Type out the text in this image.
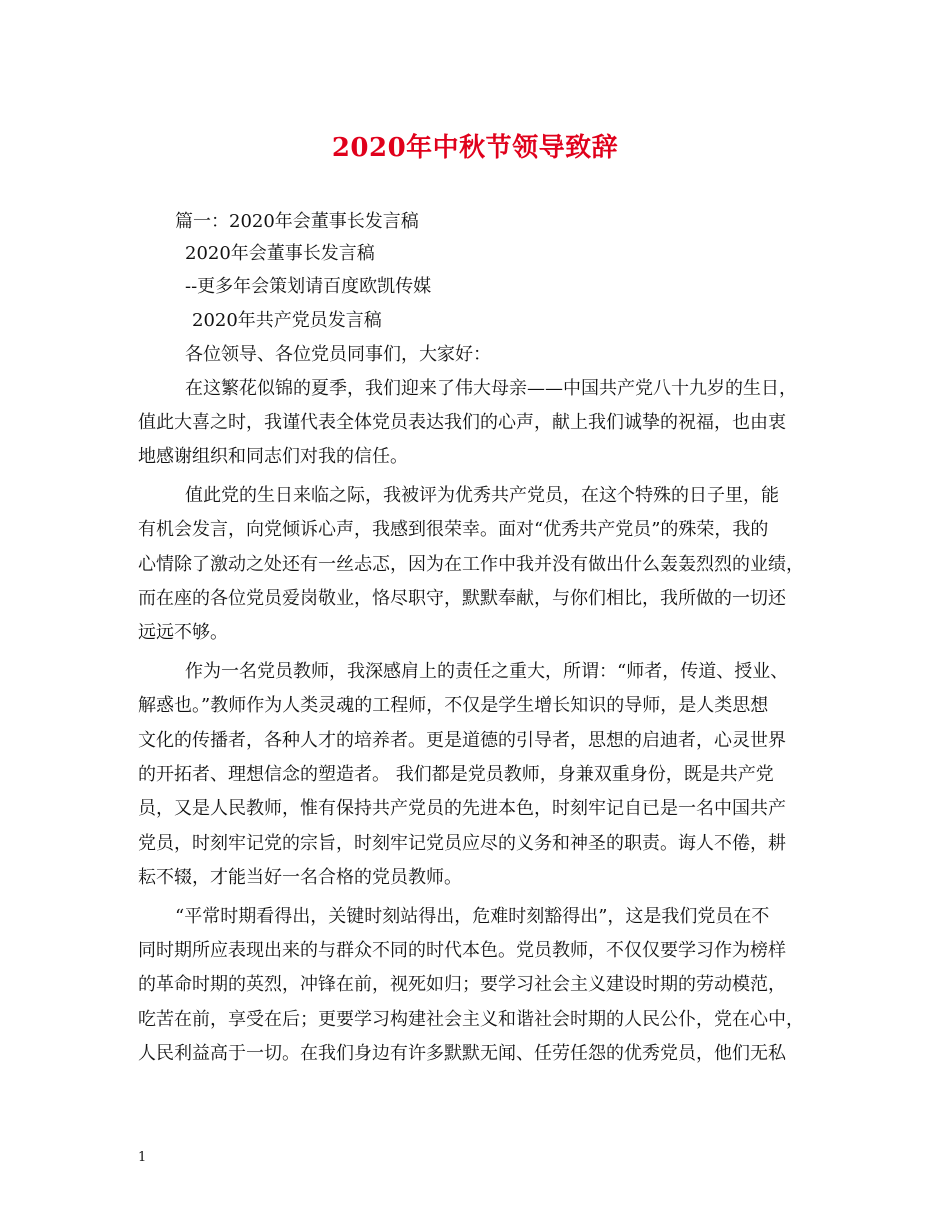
2020年中秋节领导致辞
篇一：2020年会董事长发言稿
2020年会董事长发言稿
--更多年会策划请百度欧凯传媒
2020年共产党员发言稿
各位领导、各位党员同事们，大家好：
在这繁花似锦的夏季，我们迎来了伟大母亲——中国共产党八十九岁的生日，
值此大喜之时，我谨代表全体党员表达我们的心声，献上我们诚挚的祝福，也由衷
地感谢组织和同志们对我的信任。
值此党的生日来临之际，我被评为优秀共产党员，在这个特殊的日子里，能
有机会发言，向党倾诉心声，我感到很荣幸。面对“优秀共产党员”的殊荣，我的
心情除了激动之处还有一丝忐忑，因为在工作中我并没有做出什么轰轰烈烈的业绩，
而在座的各位党员爱岗敬业，恪尽职守，默默奉献，与你们相比，我所做的一切还
远远不够。
作为一名党员教师，我深感肩上的责任之重大，所谓：“师者，传道、授业、
解惑也。”教师作为人类灵魂的工程师，不仅是学生增长知识的导师，是人类思想
文化的传播者，各种人才的培养者。更是道德的引导者，思想的启迪者，心灵世界
的开拓者、理想信念的塑造者。 我们都是党员教师，身兼双重身份，既是共产党
员，又是人民教师，惟有保持共产党员的先进本色，时刻牢记自已是一名中国共产
党员，时刻牢记党的宗旨，时刻牢记党员应尽的义务和神圣的职责。诲人不倦，耕
耘不辍，才能当好一名合格的党员教师。
“平常时期看得出，关键时刻站得出，危难时刻豁得出”，这是我们党员在不
同时期所应表现出来的与群众不同的时代本色。党员教师，不仅仅要学习作为榜样
的革命时期的英烈，冲锋在前，视死如归；要学习社会主义建设时期的劳动模范，
吃苦在前，享受在后；更要学习构建社会主义和谐社会时期的人民公仆，党在心中，
人民利益高于一切。在我们身边有许多默默无闻、任劳任怨的优秀党员，他们无私
1
